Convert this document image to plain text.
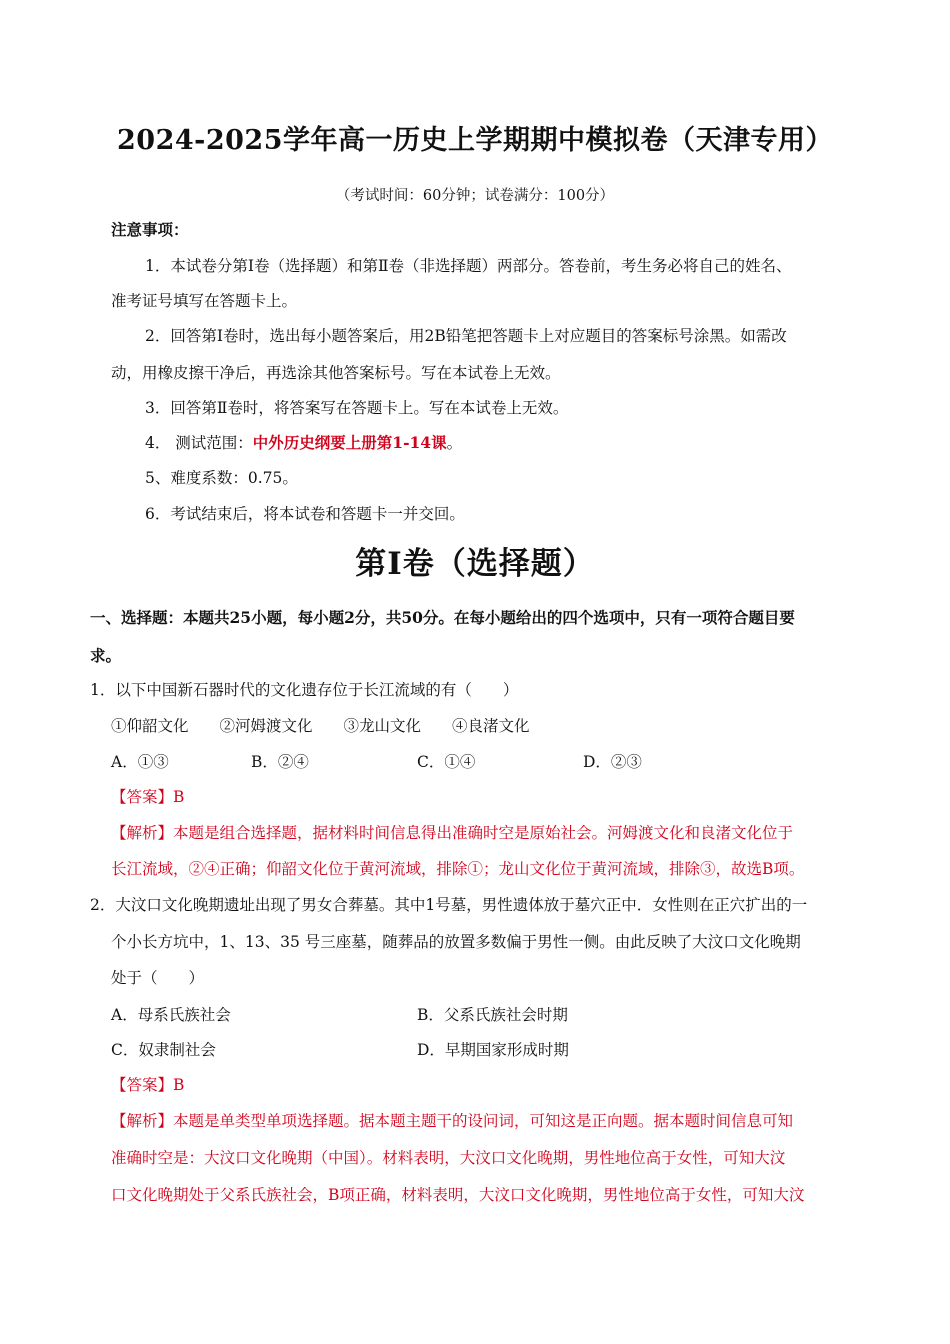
2024-2025学年高一历史上学期期中模拟卷（天津专用）
（考试时间：60分钟；试卷满分：100分）
注意事项：
1．本试卷分第Ⅰ卷（选择题）和第Ⅱ卷（非选择题）两部分。答卷前，考生务必将自己的姓名、
准考证号填写在答题卡上。
2．回答第Ⅰ卷时，选出每小题答案后，用2B铅笔把答题卡上对应题目的答案标号涂黑。如需改
动，用橡皮擦干净后，再选涂其他答案标号。写在本试卷上无效。
3．回答第Ⅱ卷时，将答案写在答题卡上。写在本试卷上无效。
4． 测试范围：中外历史纲要上册第1-14课。
5、难度系数：0.75。
6．考试结束后，将本试卷和答题卡一并交回。
第Ⅰ卷（选择题）
一、选择题：本题共25小题，每小题2分，共50分。在每小题给出的四个选项中，只有一项符合题目要
求。
1．以下中国新石器时代的文化遗存位于长江流域的有（　　）
①仰韶文化　　②河姆渡文化　　③龙山文化　　④良渚文化
A．①③	B．②④	C．①④	D．②③
【答案】B
【解析】本题是组合选择题，据材料时间信息得出准确时空是原始社会。河姆渡文化和良渚文化位于
长江流域，②④正确；仰韶文化位于黄河流域，排除①；龙山文化位于黄河流域，排除③，故选B项。
2．大汶口文化晚期遗址出现了男女合葬墓。其中1号墓，男性遗体放于墓穴正中．女性则在正穴扩出的一
个小长方坑中，1、13、35 号三座墓，随葬品的放置多数偏于男性一侧。由此反映了大汶口文化晚期
处于（　　）
A．母系氏族社会	B．父系氏族社会时期
C．奴隶制社会	D．早期国家形成时期
【答案】B
【解析】本题是单类型单项选择题。据本题主题干的设问词，可知这是正向题。据本题时间信息可知
准确时空是：大汶口文化晚期（中国）。材料表明，大汶口文化晚期，男性地位高于女性，可知大汶
口文化晚期处于父系氏族社会，B项正确，材料表明，大汶口文化晚期，男性地位高于女性，可知大汶
